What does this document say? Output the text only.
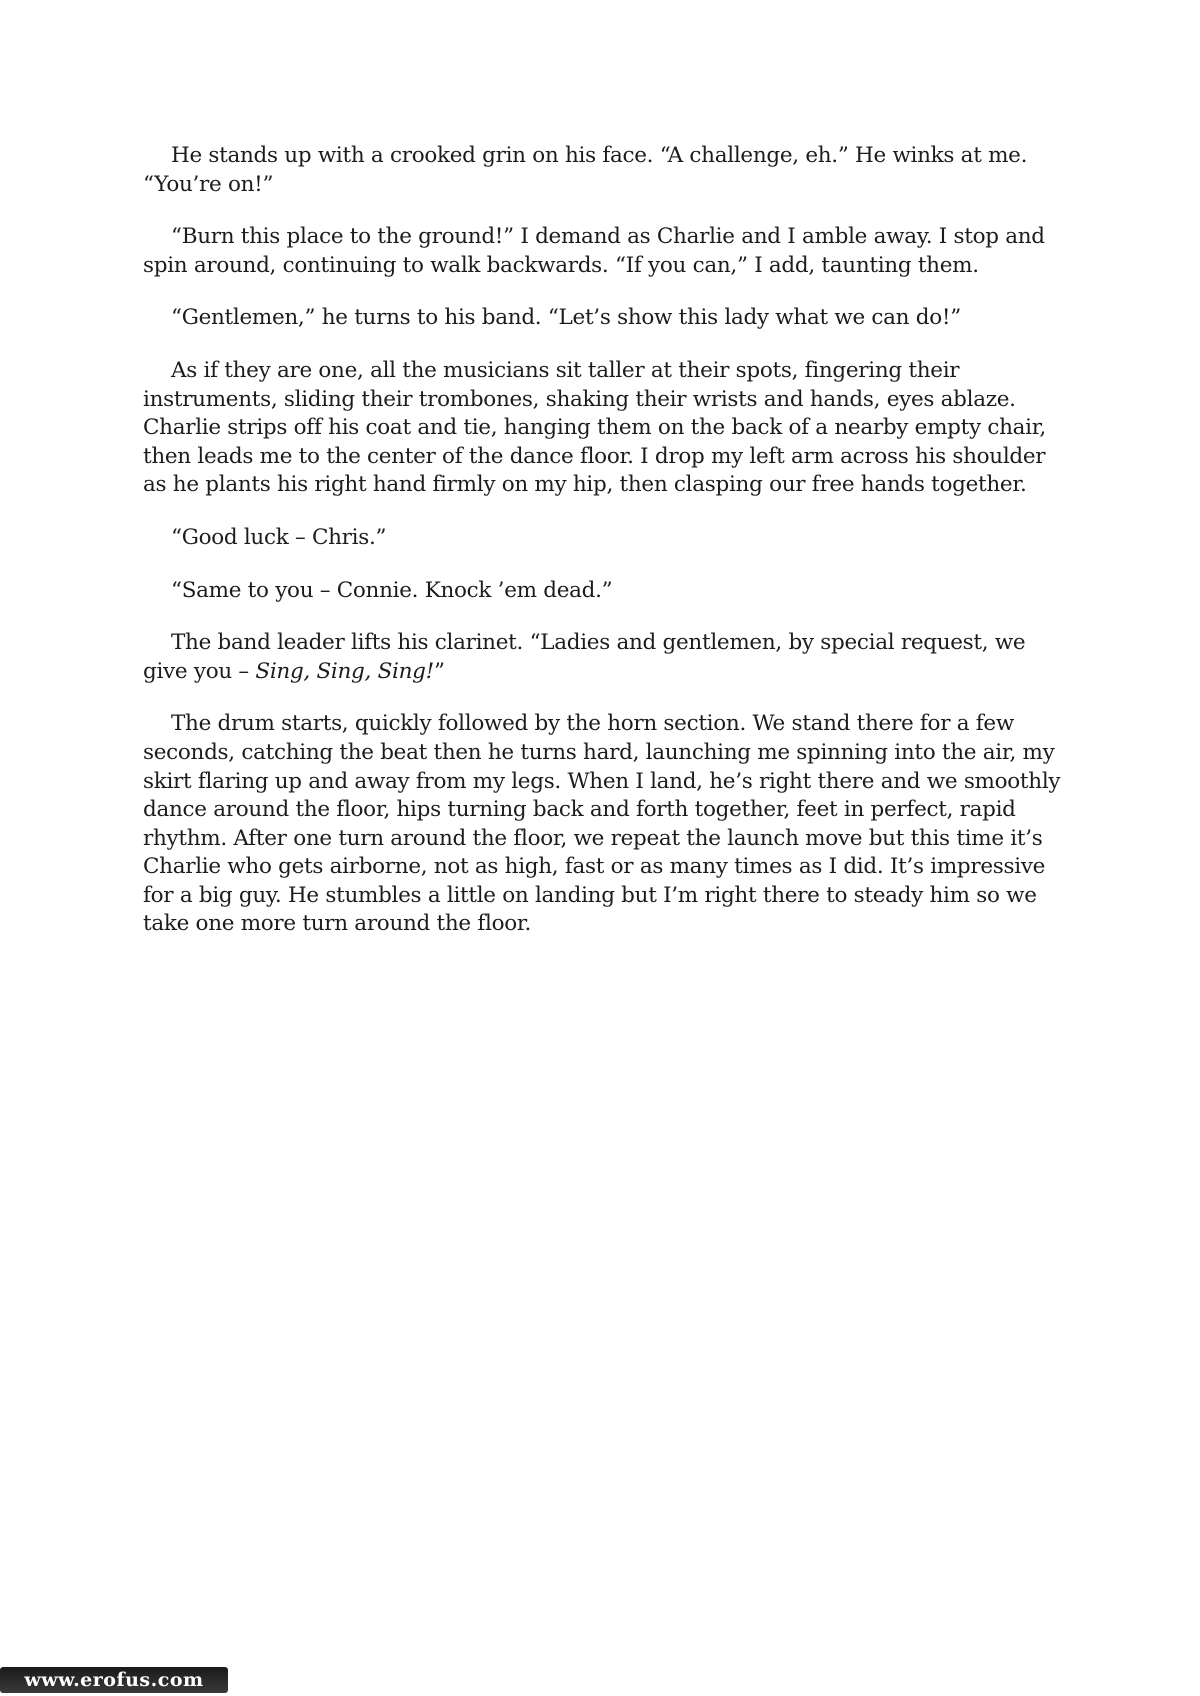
He stands up with a crooked grin on his face. “A challenge, eh.” He winks at me. “You’re on!”

“Burn this place to the ground!” I demand as Charlie and I amble away. I stop and spin around, continuing to walk backwards. “If you can,” I add, taunting them.

“Gentlemen,” he turns to his band. “Let’s show this lady what we can do!”

As if they are one, all the musicians sit taller at their spots, fingering their instruments, sliding their trombones, shaking their wrists and hands, eyes ablaze. Charlie strips off his coat and tie, hanging them on the back of a nearby empty chair, then leads me to the center of the dance floor. I drop my left arm across his shoulder as he plants his right hand firmly on my hip, then clasping our free hands together.

“Good luck – Chris.”

“Same to you – Connie. Knock ’em dead.”

The band leader lifts his clarinet. “Ladies and gentlemen, by special request, we give you – Sing, Sing, Sing!”

The drum starts, quickly followed by the horn section. We stand there for a few seconds, catching the beat then he turns hard, launching me spinning into the air, my skirt flaring up and away from my legs. When I land, he’s right there and we smoothly dance around the floor, hips turning back and forth together, feet in perfect, rapid rhythm. After one turn around the floor, we repeat the launch move but this time it’s Charlie who gets airborne, not as high, fast or as many times as I did. It’s impressive for a big guy. He stumbles a little on landing but I’m right there to steady him so we take one more turn around the floor.

www.erofus.com
